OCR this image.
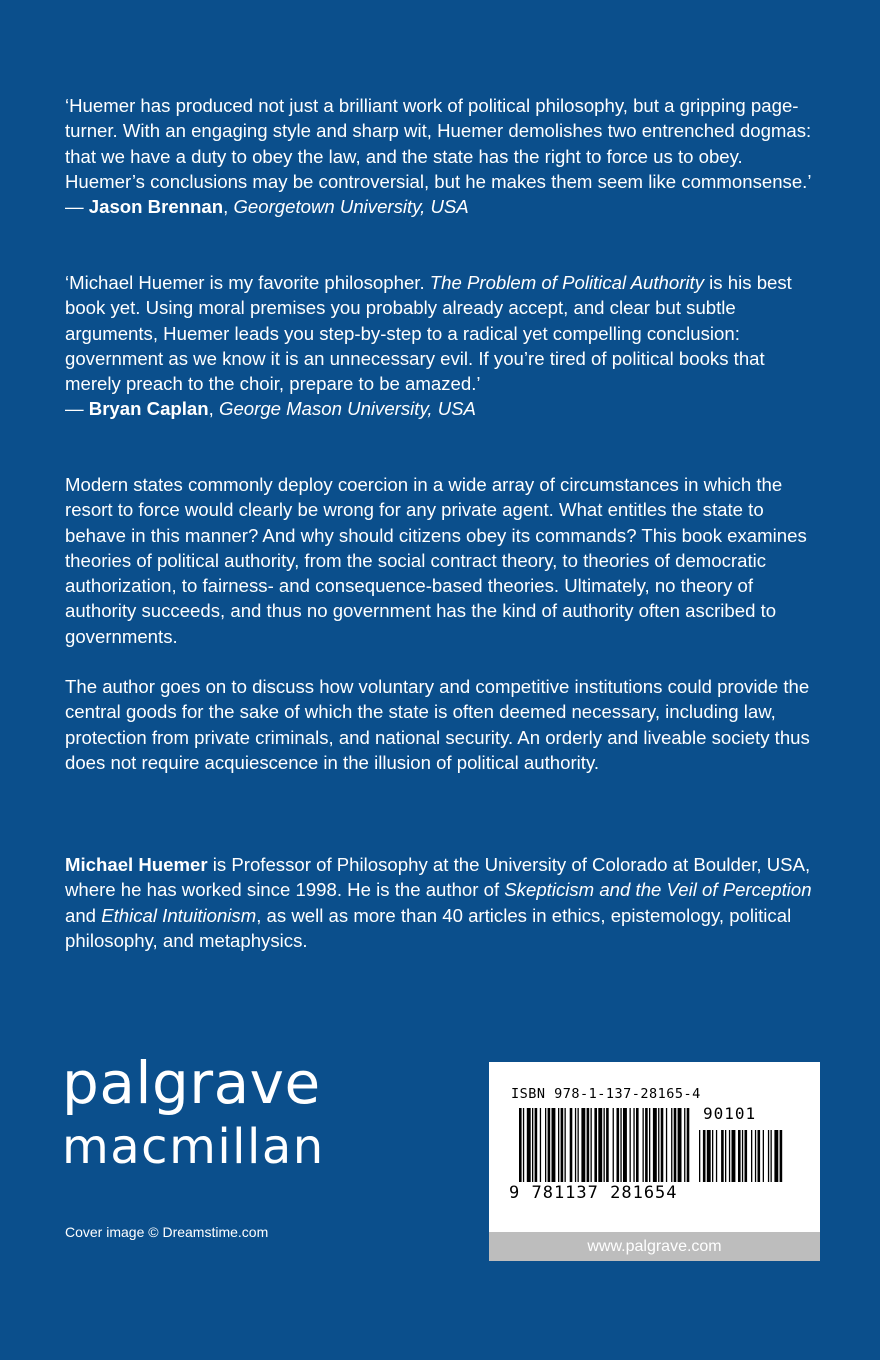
‘Huemer has produced not just a brilliant work of political philosophy, but a gripping page-turner. With an engaging style and sharp wit, Huemer demolishes two entrenched dogmas: that we have a duty to obey the law, and the state has the right to force us to obey. Huemer’s conclusions may be controversial, but he makes them seem like commonsense.’
— Jason Brennan, Georgetown University, USA

‘Michael Huemer is my favorite philosopher. The Problem of Political Authority is his best book yet. Using moral premises you probably already accept, and clear but subtle arguments, Huemer leads you step-by-step to a radical yet compelling conclusion: government as we know it is an unnecessary evil. If you’re tired of political books that merely preach to the choir, prepare to be amazed.’
— Bryan Caplan, George Mason University, USA

Modern states commonly deploy coercion in a wide array of circumstances in which the resort to force would clearly be wrong for any private agent. What entitles the state to behave in this manner? And why should citizens obey its commands? This book examines theories of political authority, from the social contract theory, to theories of democratic authorization, to fairness- and consequence-based theories. Ultimately, no theory of authority succeeds, and thus no government has the kind of authority often ascribed to governments.

The author goes on to discuss how voluntary and competitive institutions could provide the central goods for the sake of which the state is often deemed necessary, including law, protection from private criminals, and national security. An orderly and liveable society thus does not require acquiescence in the illusion of political authority.

Michael Huemer is Professor of Philosophy at the University of Colorado at Boulder, USA, where he has worked since 1998. He is the author of Skepticism and the Veil of Perception and Ethical Intuitionism, as well as more than 40 articles in ethics, epistemology, political philosophy, and metaphysics.

palgrave
macmillan
Cover image © Dreamstime.com
ISBN 978-1-137-28165-4
90101
9 781137 281654
www.palgrave.com
